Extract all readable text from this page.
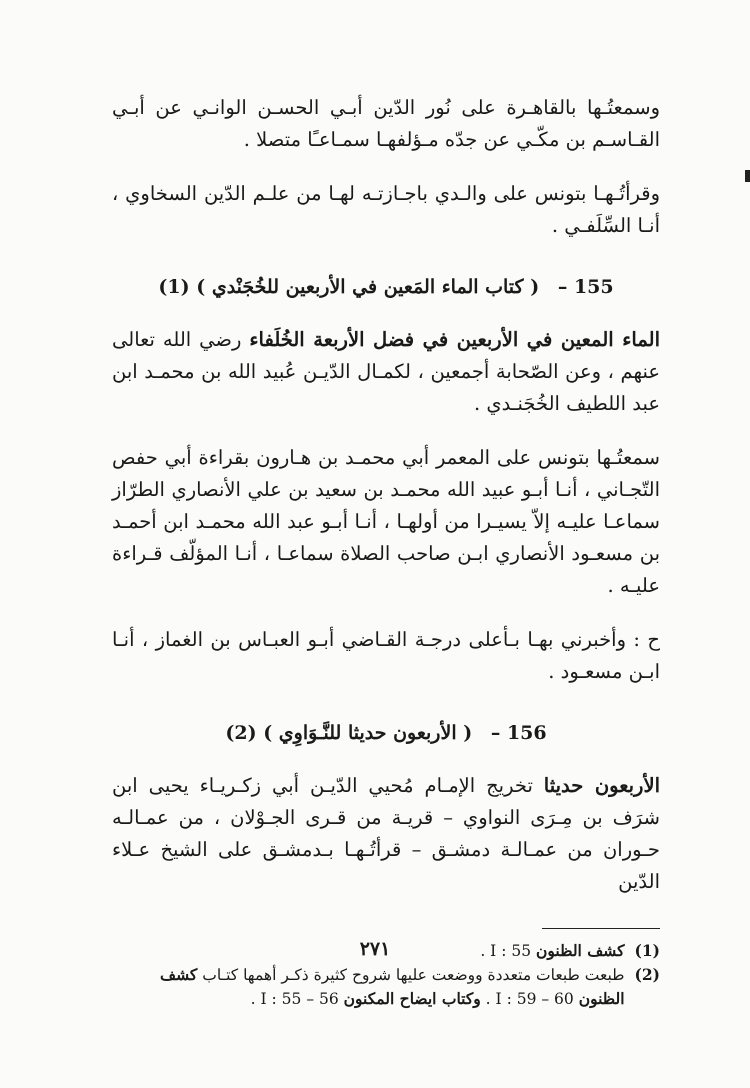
وسمعتُـها بالقاهـرة على نُور الدّين أبـي الحسـن الوانـي عن أبـي القـاسـم بن مكّـي عن جدّه مـؤلفهـا سمـاعـًا متصلا .

وقرأتُـهـا بتونس على والـدي باجـازتـه لهـا من علـم الدّين السخاوي ، أنـا السِّلَفـي .

155 – ( كتاب الماء المَعين في الأربعين للخُجَنْدي ) (1)

الماء المعين في الأربعين في فضل الأربعة الخُلَفاء رضي الله تعالى عنهم ، وعن الصّحابة أجمعين ، لكمـال الدّيـن عُبيد الله بن محمـد ابن عبد اللطيف الخُجَنـدي .

سمعتُـها بتونس على المعمر أبي محمـد بن هـارون بقراءة أبي حفص التّجـاني ، أنـا أبـو عبيد الله محمـد بن سعيد بن علي الأنصاري الطرّاز سماعـا عليـه إلاّ يسيـرا من أولهـا ، أنـا أبـو عبد الله محمـد ابن أحمـد بن مسعـود الأنصاري ابـن صاحب الصلاة سماعـا ، أنـا المؤلّف قـراءة عليـه .

ح : وأخبرني بهـا بـأعلى درجـة القـاضي أبـو العبـاس بن الغماز ، أنـا ابـن مسعـود .

156 – ( الأربعون حديثا للنَّـوَاوِي ) (2)

الأربعون حديثا تخريج الإمـام مُحيي الدّيـن أبي زكـريـاء يحيى ابن شرَف بن مِـرَى النواوي – قريـة من قـرى الجـوْلان ، من عمـالـه حـوران من عمـالـة دمشـق – قرأتُـهـا بـدمشـق على الشيخ عـلاء الدّين

(1)
كشف الظنون I : 55 .

(2)
طبعت طبعات متعددة ووضعت عليها شروح كثيرة ذكـر أهمها كتـاب كشف الظنون I : 59 – 60 . وكتاب ايضاح المكنون I : 55 – 56 .

٢٧١
